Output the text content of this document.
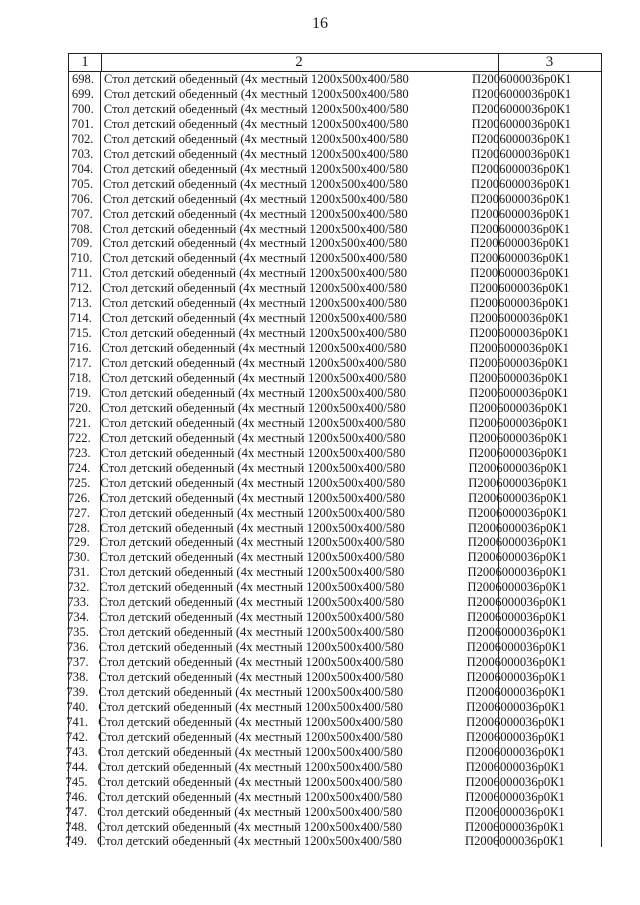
16
1	2	3
698. Стол детский обеденный (4х местный 1200х500х400/580	П2006000036р0К1
699. Стол детский обеденный (4х местный 1200х500х400/580	П2006000036р0К1
700. Стол детский обеденный (4х местный 1200х500х400/580	П2006000036р0К1
701. Стол детский обеденный (4х местный 1200х500х400/580	П2006000036р0К1
702. Стол детский обеденный (4х местный 1200х500х400/580	П2006000036р0К1
703. Стол детский обеденный (4х местный 1200х500х400/580	П2006000036р0К1
704. Стол детский обеденный (4х местный 1200х500х400/580	П2006000036р0К1
705. Стол детский обеденный (4х местный 1200х500х400/580	П2006000036р0К1
706. Стол детский обеденный (4х местный 1200х500х400/580	П2006000036р0К1
707. Стол детский обеденный (4х местный 1200х500х400/580	П2006000036р0К1
708. Стол детский обеденный (4х местный 1200х500х400/580	П2006000036р0К1
709. Стол детский обеденный (4х местный 1200х500х400/580	П2006000036р0К1
710. Стол детский обеденный (4х местный 1200х500х400/580	П2006000036р0К1
711. Стол детский обеденный (4х местный 1200х500х400/580	П2006000036р0К1
712. Стол детский обеденный (4х местный 1200х500х400/580	П2006000036р0К1
713. Стол детский обеденный (4х местный 1200х500х400/580	П2006000036р0К1
714. Стол детский обеденный (4х местный 1200х500х400/580	П2006000036р0К1
715. Стол детский обеденный (4х местный 1200х500х400/580	П2006000036р0К1
716. Стол детский обеденный (4х местный 1200х500х400/580	П2006000036р0К1
717. Стол детский обеденный (4х местный 1200х500х400/580	П2006000036р0К1
718. Стол детский обеденный (4х местный 1200х500х400/580	П2006000036р0К1
719. Стол детский обеденный (4х местный 1200х500х400/580	П2006000036р0К1
720. Стол детский обеденный (4х местный 1200х500х400/580	П2006000036р0К1
721. Стол детский обеденный (4х местный 1200х500х400/580	П2006000036р0К1
722. Стол детский обеденный (4х местный 1200х500х400/580	П2006000036р0К1
723. Стол детский обеденный (4х местный 1200х500х400/580	П2006000036р0К1
724. Стол детский обеденный (4х местный 1200х500х400/580	П2006000036р0К1
725. Стол детский обеденный (4х местный 1200х500х400/580	П2006000036р0К1
726. Стол детский обеденный (4х местный 1200х500х400/580	П2006000036р0К1
727. Стол детский обеденный (4х местный 1200х500х400/580	П2006000036р0К1
728. Стол детский обеденный (4х местный 1200х500х400/580	П2006000036р0К1
729. Стол детский обеденный (4х местный 1200х500х400/580	П2006000036р0К1
730. Стол детский обеденный (4х местный 1200х500х400/580	П2006000036р0К1
731. Стол детский обеденный (4х местный 1200х500х400/580	П2006000036р0К1
732. Стол детский обеденный (4х местный 1200х500х400/580	П2006000036р0К1
733. Стол детский обеденный (4х местный 1200х500х400/580	П2006000036р0К1
734. Стол детский обеденный (4х местный 1200х500х400/580	П2006000036р0К1
735. Стол детский обеденный (4х местный 1200х500х400/580	П2006000036р0К1
736. Стол детский обеденный (4х местный 1200х500х400/580	П2006000036р0К1
737. Стол детский обеденный (4х местный 1200х500х400/580	П2006000036р0К1
738. Стол детский обеденный (4х местный 1200х500х400/580	П2006000036р0К1
739. Стол детский обеденный (4х местный 1200х500х400/580	П2006000036р0К1
740. Стол детский обеденный (4х местный 1200х500х400/580	П2006000036р0К1
741. Стол детский обеденный (4х местный 1200х500х400/580	П2006000036р0К1
742. Стол детский обеденный (4х местный 1200х500х400/580	П2006000036р0К1
743. Стол детский обеденный (4х местный 1200х500х400/580	П2006000036р0К1
744. Стол детский обеденный (4х местный 1200х500х400/580	П2006000036р0К1
745. Стол детский обеденный (4х местный 1200х500х400/580	П2006000036р0К1
746. Стол детский обеденный (4х местный 1200х500х400/580	П2006000036р0К1
747. Стол детский обеденный (4х местный 1200х500х400/580	П2006000036р0К1
748. Стол детский обеденный (4х местный 1200х500х400/580	П2006000036р0К1
749. Стол детский обеденный (4х местный 1200х500х400/580	П2006000036р0К1
